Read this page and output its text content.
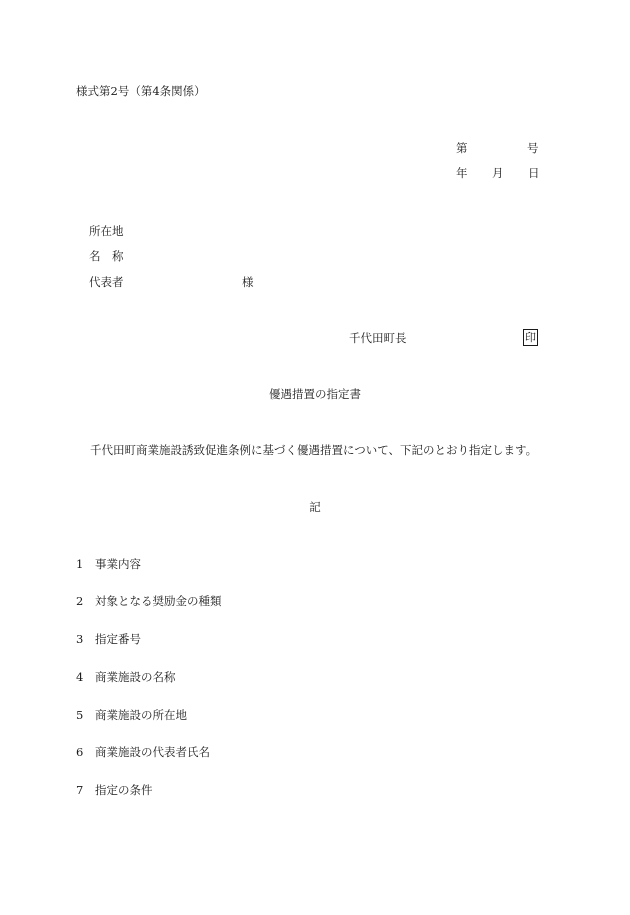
様式第2号（第4条関係）
第	号
年 月 日
所在地
名　称
代表者	様
千代田町長	印
優遇措置の指定書
千代田町商業施設誘致促進条例に基づく優遇措置について、下記のとおり指定します。
記
1 事業内容
2 対象となる奨励金の種類
3 指定番号
4 商業施設の名称
5 商業施設の所在地
6 商業施設の代表者氏名
7 指定の条件
